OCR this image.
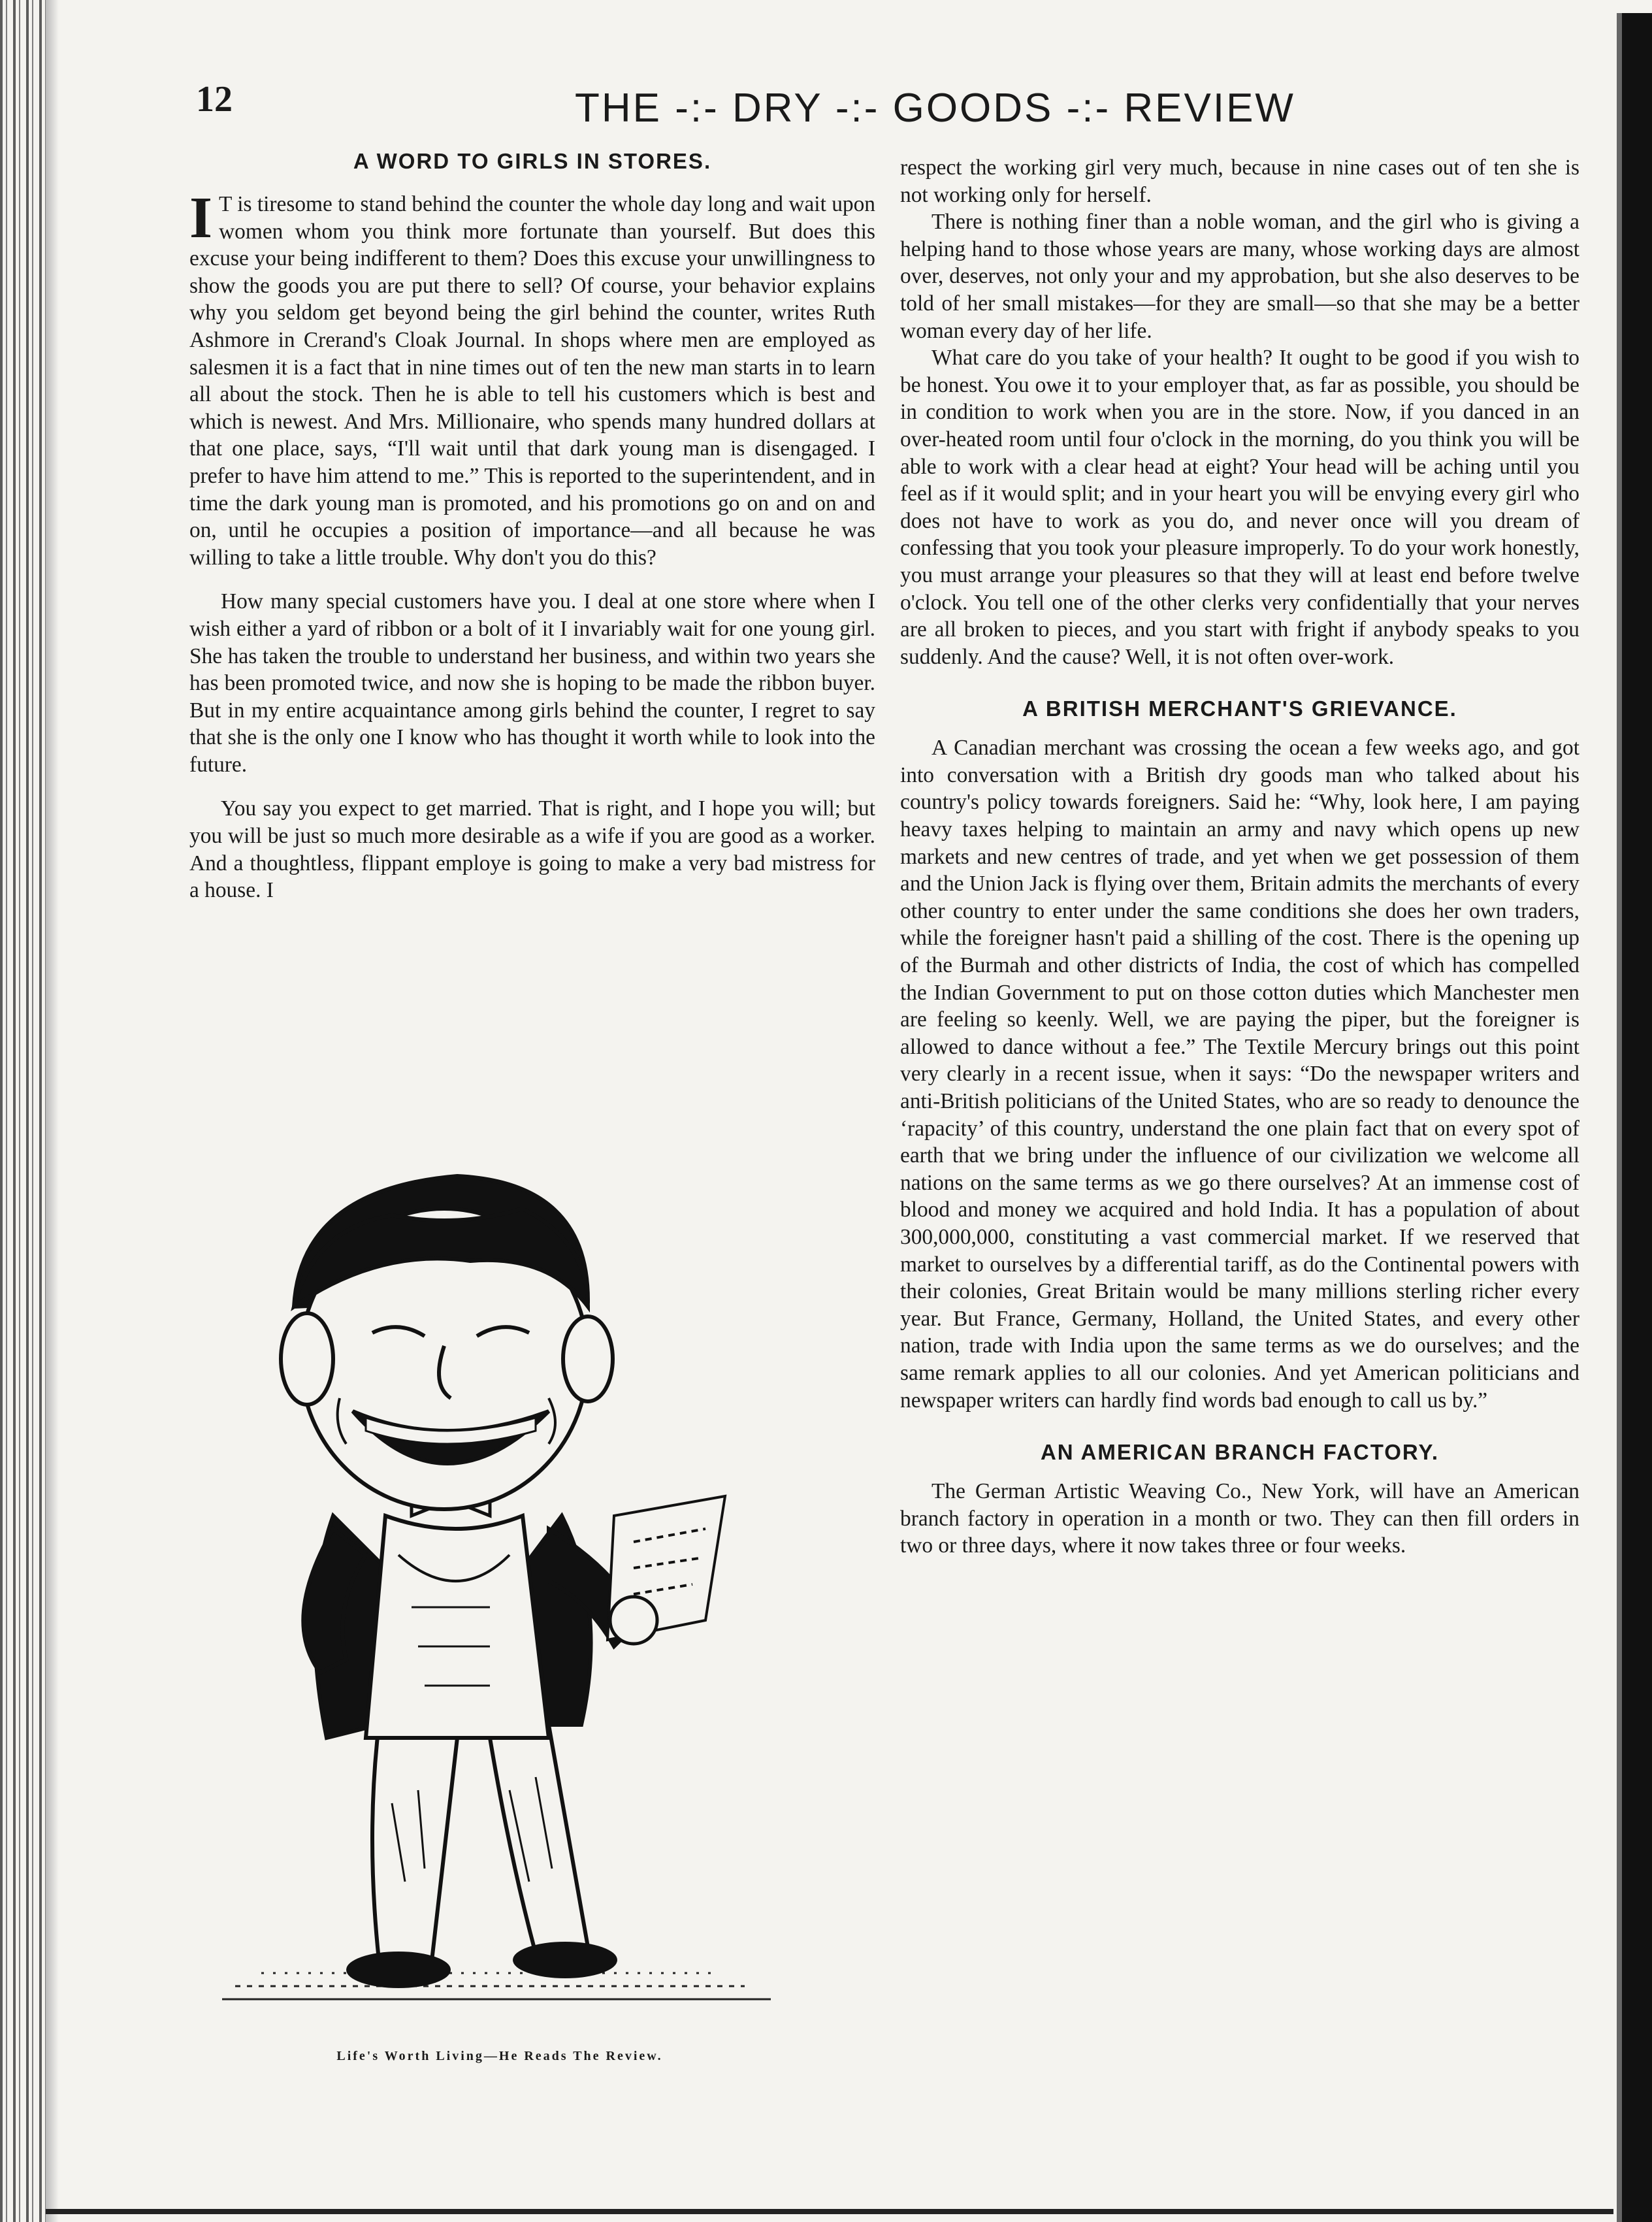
12	THE -:- DRY -:- GOODS -:- REVIEW
A WORD TO GIRLS IN STORES.

I T is tiresome to stand behind the counter the whole day long and wait upon women whom you think more fortunate than yourself. But does this excuse your being indifferent to them? Does this excuse your unwillingness to show the goods you are put there to sell? Of course, your behavior explains why you seldom get beyond being the girl behind the counter, writes Ruth Ashmore in Crerand's Cloak Journal. In shops where men are employed as salesmen it is a fact that in nine times out of ten the new man starts in to learn all about the stock. Then he is able to tell his customers which is best and which is newest. And Mrs. Millionaire, who spends many hundred dollars at that one place, says, “I'll wait until that dark young man is disengaged. I prefer to have him attend to me.” This is reported to the superintendent, and in time the dark young man is promoted, and his promotions go on and on and on, until he occupies a position of importance—and all because he was willing to take a little trouble. Why don't you do this?

How many special customers have you. I deal at one store where when I wish either a yard of ribbon or a bolt of it I invariably wait for one young girl. She has taken the trouble to understand her business, and within two years she has been promoted twice, and now she is hoping to be made the ribbon buyer. But in my entire acquaintance among girls behind the counter, I regret to say that she is the only one I know who has thought it worth while to look into the future.

You say you expect to get married. That is right, and I hope you will; but you will be just so much more desirable as a wife if you are good as a worker. And a thoughtless, flippant employe is going to make a very bad mistress for a house. I

Life's Worth Living—He Reads The Review.

respect the working girl very much, because in nine cases out of ten she is not working only for herself.

There is nothing finer than a noble woman, and the girl who is giving a helping hand to those whose years are many, whose working days are almost over, deserves, not only your and my approbation, but she also deserves to be told of her small mistakes—for they are small—so that she may be a better woman every day of her life.

What care do you take of your health? It ought to be good if you wish to be honest. You owe it to your employer that, as far as possible, you should be in condition to work when you are in the store. Now, if you danced in an over-heated room until four o'clock in the morning, do you think you will be able to work with a clear head at eight? Your head will be aching until you feel as if it would split; and in your heart you will be envying every girl who does not have to work as you do, and never once will you dream of confessing that you took your pleasure improperly. To do your work honestly, you must arrange your pleasures so that they will at least end before twelve o'clock. You tell one of the other clerks very confidentially that your nerves are all broken to pieces, and you start with fright if anybody speaks to you suddenly. And the cause? Well, it is not often over-work.

A BRITISH MERCHANT'S GRIEVANCE.

A Canadian merchant was crossing the ocean a few weeks ago, and got into conversation with a British dry goods man who talked about his country's policy towards foreigners. Said he: “Why, look here, I am paying heavy taxes helping to maintain an army and navy which opens up new markets and new centres of trade, and yet when we get possession of them and the Union Jack is flying over them, Britain admits the merchants of every other country to enter under the same conditions she does her own traders, while the foreigner hasn't paid a shilling of the cost. There is the opening up of the Burmah and other districts of India, the cost of which has compelled the Indian Government to put on those cotton duties which Manchester men are feeling so keenly. Well, we are paying the piper, but the foreigner is allowed to dance without a fee.” The Textile Mercury brings out this point very clearly in a recent issue, when it says: “Do the newspaper writers and anti-British politicians of the United States, who are so ready to denounce the ‘rapacity’ of this country, understand the one plain fact that on every spot of earth that we bring under the influence of our civilization we welcome all nations on the same terms as we go there ourselves? At an immense cost of blood and money we acquired and hold India. It has a population of about 300,000,000, constituting a vast commercial market. If we reserved that market to ourselves by a differential tariff, as do the Continental powers with their colonies, Great Britain would be many millions sterling richer every year. But France, Germany, Holland, the United States, and every other nation, trade with India upon the same terms as we do ourselves; and the same remark applies to all our colonies. And yet American politicians and newspaper writers can hardly find words bad enough to call us by.”

AN AMERICAN BRANCH FACTORY.

The German Artistic Weaving Co., New York, will have an American branch factory in operation in a month or two. They can then fill orders in two or three days, where it now takes three or four weeks.
